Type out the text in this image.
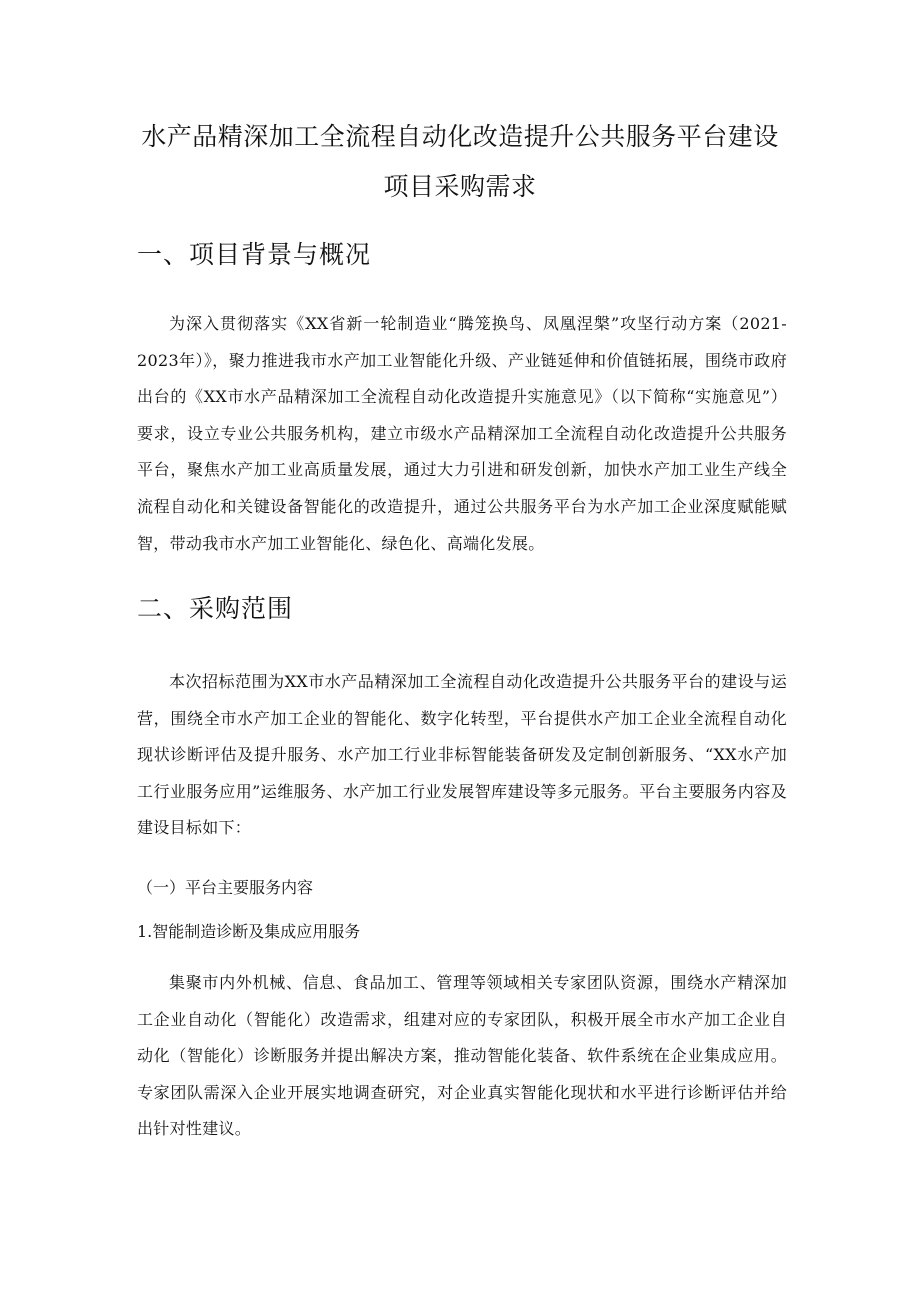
水产品精深加工全流程自动化改造提升公共服务平台建设
项目采购需求
一、项目背景与概况

为深入贯彻落实《XX省新一轮制造业“腾笼换鸟、凤凰涅槃”攻坚行动方案（2021-2023年）》，聚力推进我市水产加工业智能化升级、产业链延伸和价值链拓展，围绕市政府出台的《XX市水产品精深加工全流程自动化改造提升实施意见》（以下简称“实施意见”）要求，设立专业公共服务机构，建立市级水产品精深加工全流程自动化改造提升公共服务平台，聚焦水产加工业高质量发展，通过大力引进和研发创新，加快水产加工业生产线全流程自动化和关键设备智能化的改造提升，通过公共服务平台为水产加工企业深度赋能赋智，带动我市水产加工业智能化、绿色化、高端化发展。

二、采购范围

本次招标范围为XX市水产品精深加工全流程自动化改造提升公共服务平台的建设与运营，围绕全市水产加工企业的智能化、数字化转型，平台提供水产加工企业全流程自动化现状诊断评估及提升服务、水产加工行业非标智能装备研发及定制创新服务、“XX水产加工行业服务应用”运维服务、水产加工行业发展智库建设等多元服务。平台主要服务内容及建设目标如下：

（一）平台主要服务内容

1.智能制造诊断及集成应用服务

集聚市内外机械、信息、食品加工、管理等领域相关专家团队资源，围绕水产精深加工企业自动化（智能化）改造需求，组建对应的专家团队，积极开展全市水产加工企业自动化（智能化）诊断服务并提出解决方案，推动智能化装备、软件系统在企业集成应用。专家团队需深入企业开展实地调查研究，对企业真实智能化现状和水平进行诊断评估并给出针对性建议。
